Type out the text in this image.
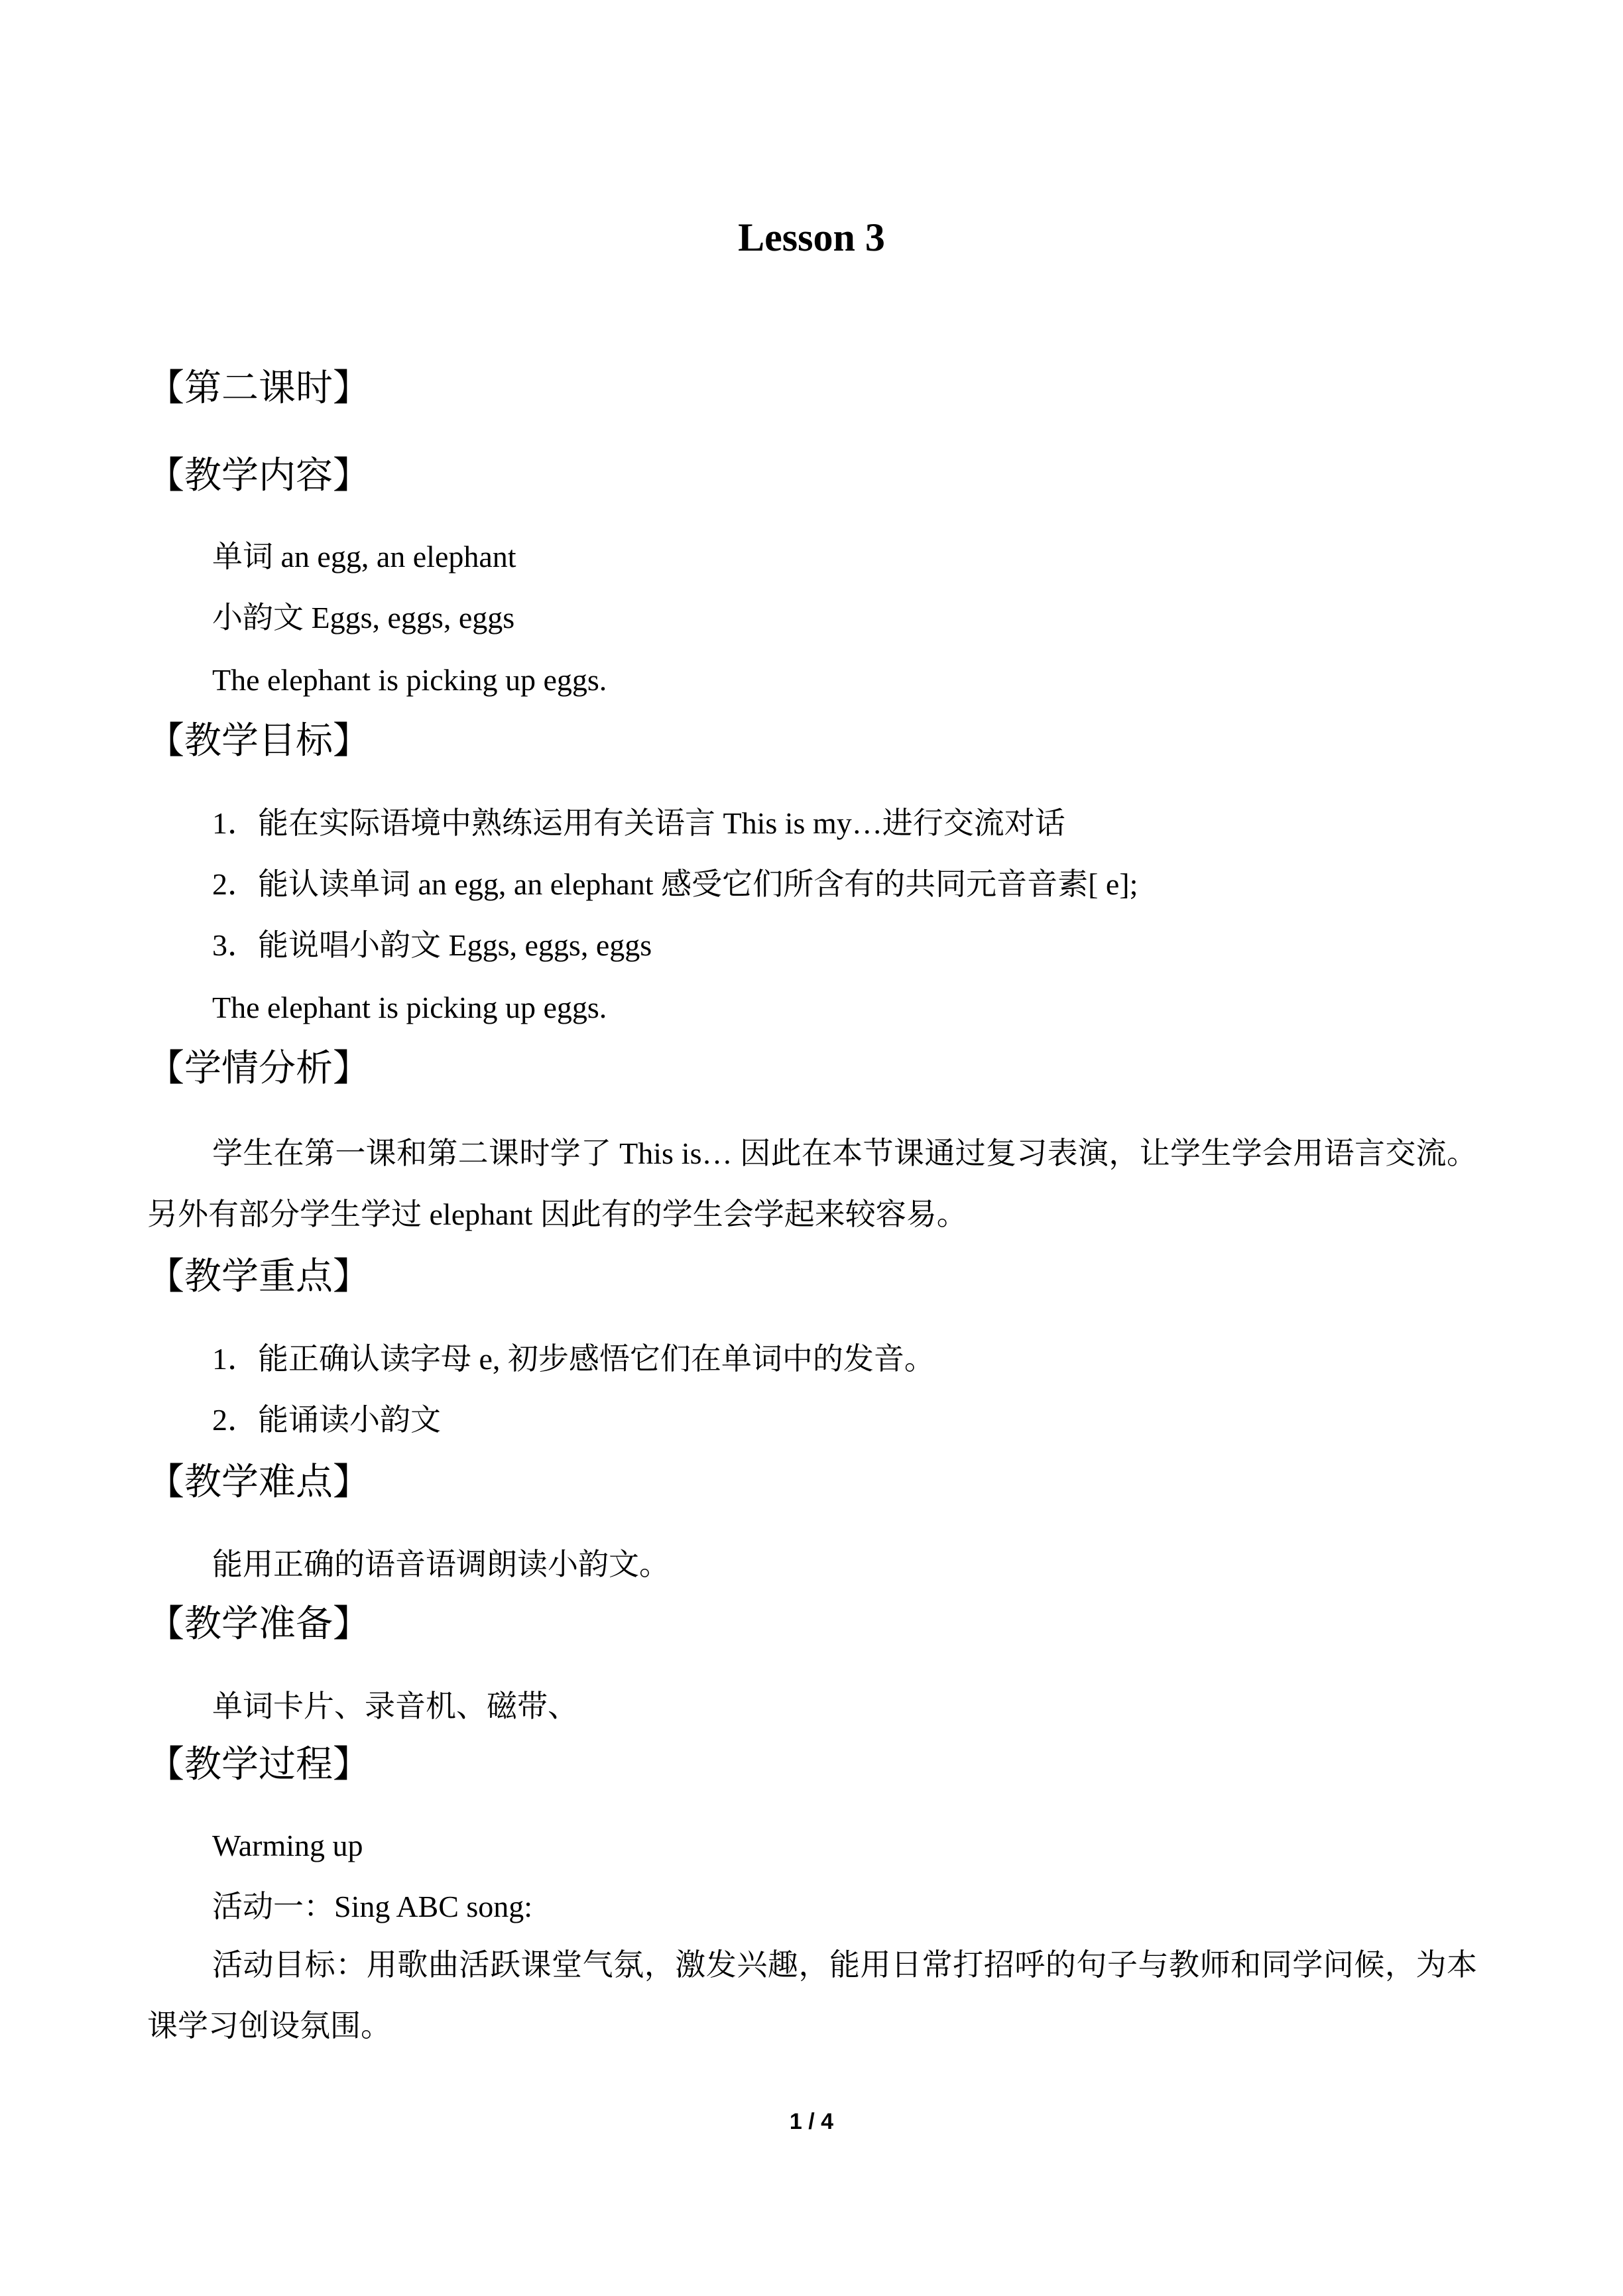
Lesson 3
【第二课时】
【教学内容】
单词 an egg, an elephant
小韵文 Eggs, eggs, eggs
The elephant is picking up eggs.
【教学目标】
1．能在实际语境中熟练运用有关语言 This is my…进行交流对话
2．能认读单词 an egg, an elephant 感受它们所含有的共同元音音素[ e];
3．能说唱小韵文 Eggs, eggs, eggs
The elephant is picking up eggs.
【学情分析】
学生在第一课和第二课时学了 This is… 因此在本节课通过复习表演，让学生学会用语言交流。另外有部分学生学过 elephant 因此有的学生会学起来较容易。
【教学重点】
1．能正确认读字母 e, 初步感悟它们在单词中的发音。
2．能诵读小韵文
【教学难点】
能用正确的语音语调朗读小韵文。
【教学准备】
单词卡片、录音机、磁带、
【教学过程】
Warming up
活动一：Sing ABC song:
活动目标：用歌曲活跃课堂气氛，激发兴趣，能用日常打招呼的句子与教师和同学问候，为本课学习创设氛围。
1 / 4
